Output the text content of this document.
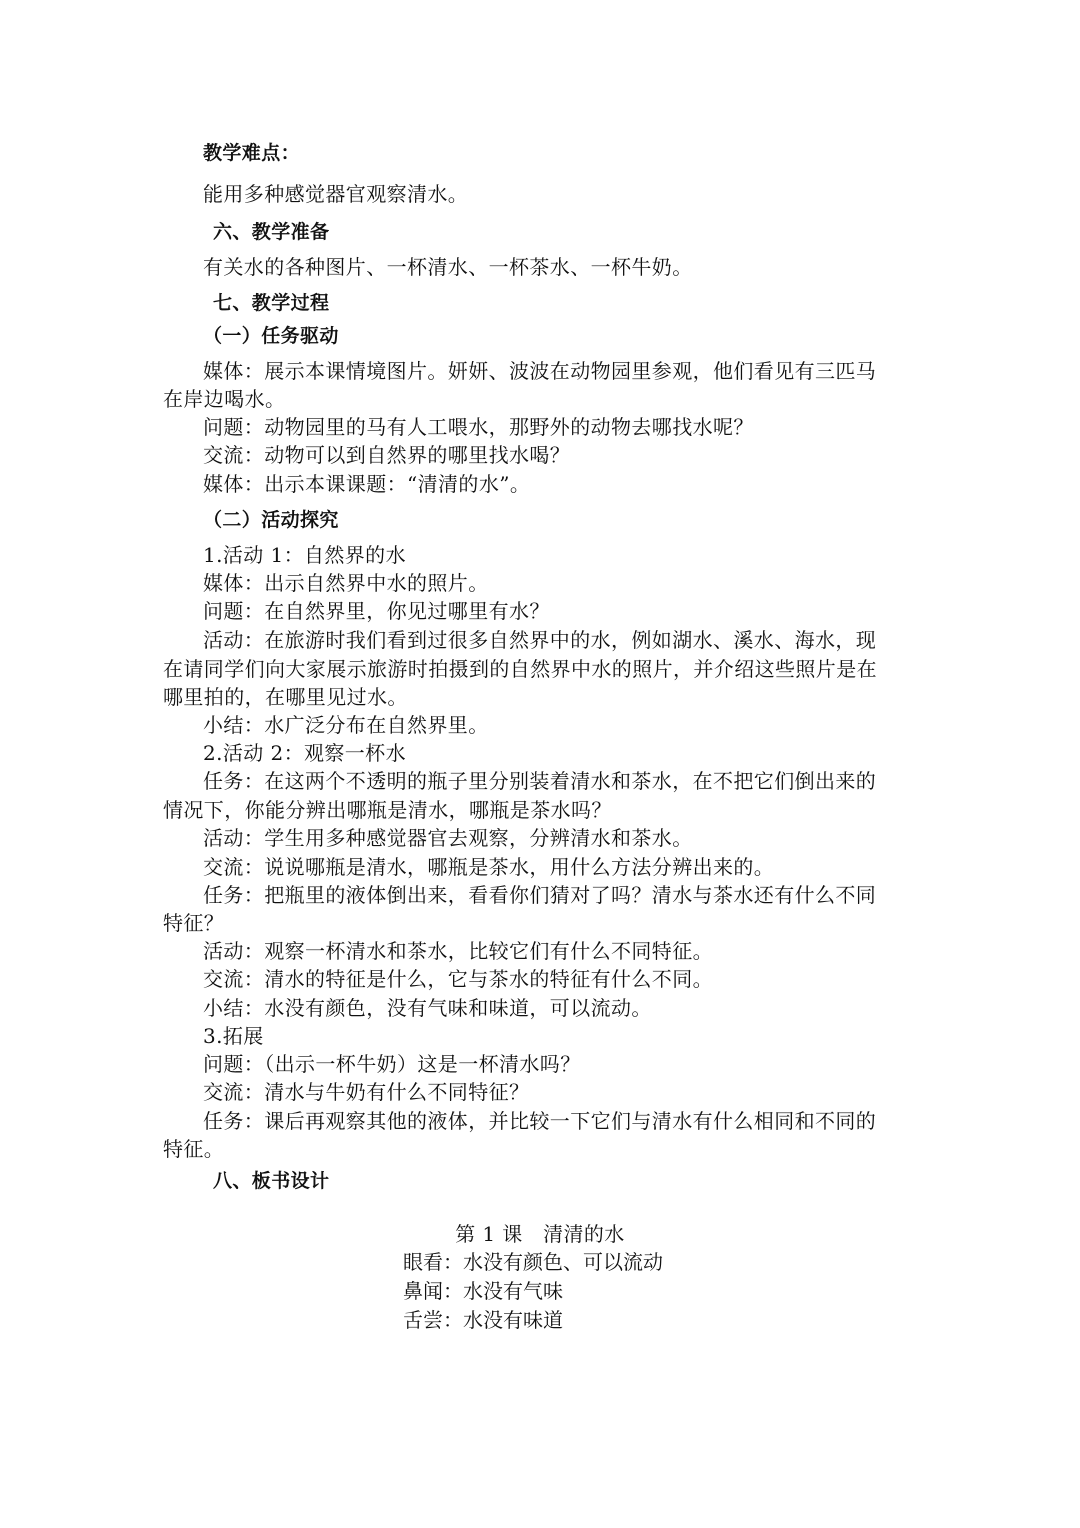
教学难点：
能用多种感觉器官观察清水。
六、教学准备
有关水的各种图片、一杯清水、一杯茶水、一杯牛奶。
七、教学过程
（一）任务驱动
媒体：展示本课情境图片。妍妍、波波在动物园里参观，他们看见有三匹马
在岸边喝水。
问题：动物园里的马有人工喂水，那野外的动物去哪找水呢？
交流：动物可以到自然界的哪里找水喝？
媒体：出示本课课题：“清清的水”。
（二）活动探究
1.活动 1：自然界的水
媒体：出示自然界中水的照片。
问题：在自然界里，你见过哪里有水？
活动：在旅游时我们看到过很多自然界中的水，例如湖水、溪水、海水，现
在请同学们向大家展示旅游时拍摄到的自然界中水的照片，并介绍这些照片是在
哪里拍的，在哪里见过水。
小结：水广泛分布在自然界里。
2.活动 2：观察一杯水
任务：在这两个不透明的瓶子里分别装着清水和茶水，在不把它们倒出来的
情况下，你能分辨出哪瓶是清水，哪瓶是茶水吗？
活动：学生用多种感觉器官去观察，分辨清水和茶水。
交流：说说哪瓶是清水，哪瓶是茶水，用什么方法分辨出来的。
任务：把瓶里的液体倒出来，看看你们猜对了吗？清水与茶水还有什么不同
特征？
活动：观察一杯清水和茶水，比较它们有什么不同特征。
交流：清水的特征是什么，它与茶水的特征有什么不同。
小结：水没有颜色，没有气味和味道，可以流动。
3.拓展
问题：（出示一杯牛奶）这是一杯清水吗？
交流：清水与牛奶有什么不同特征？
任务：课后再观察其他的液体，并比较一下它们与清水有什么相同和不同的
特征。
八、板书设计
第 1 课　清清的水
眼看：水没有颜色、可以流动
鼻闻：水没有气味
舌尝：水没有味道
